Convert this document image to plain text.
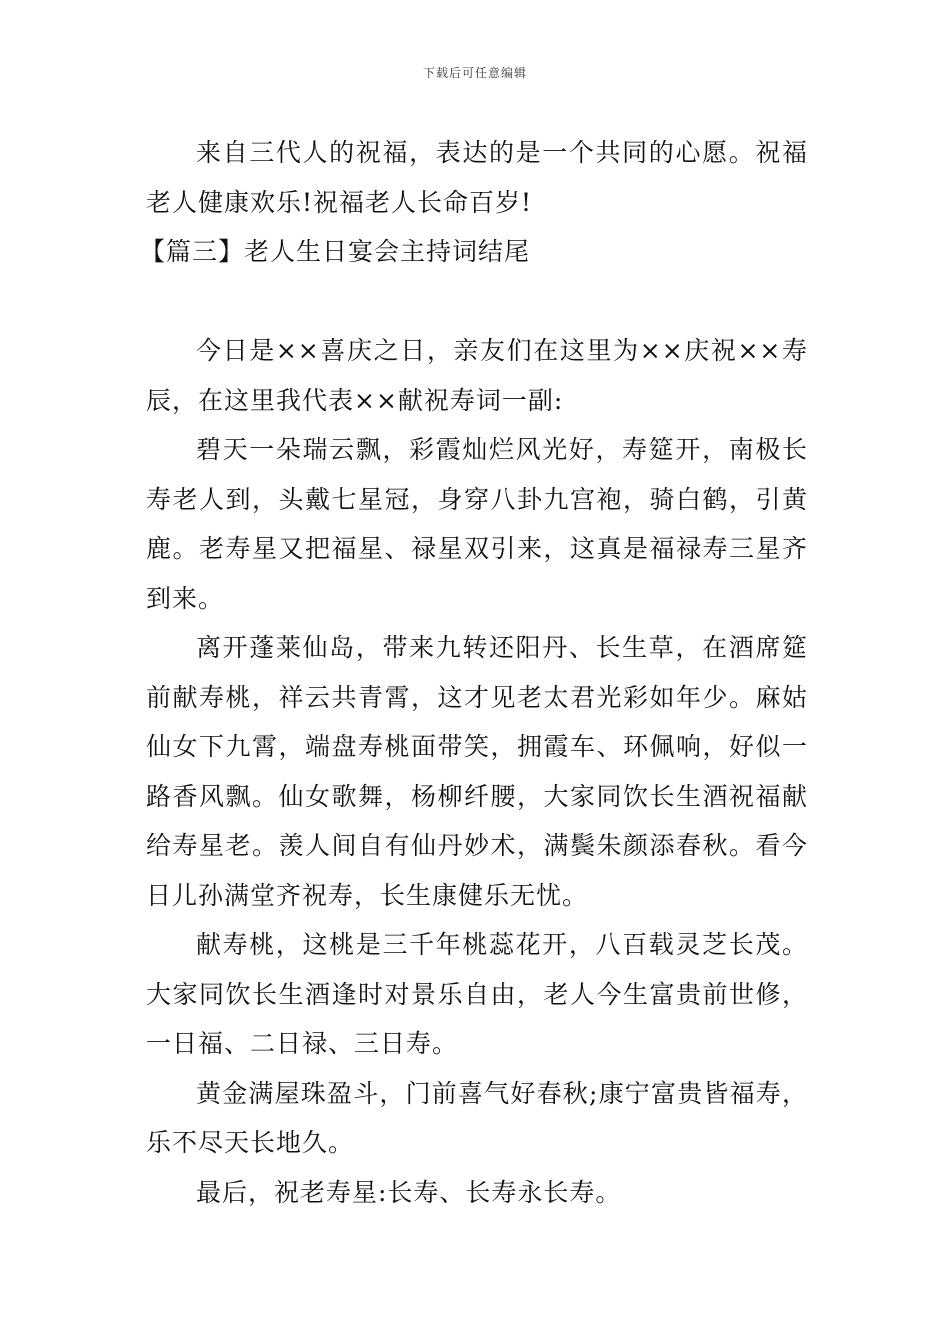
下载后可任意编辑

来自三代人的祝福，表达的是一个共同的心愿。祝福老人健康欢乐!祝福老人长命百岁!

【篇三】老人生日宴会主持词结尾

今日是××喜庆之日，亲友们在这里为××庆祝××寿辰，在这里我代表××献祝寿词一副:

碧天一朵瑞云飘，彩霞灿烂风光好，寿筵开，南极长寿老人到，头戴七星冠，身穿八卦九宫袍，骑白鹤，引黄鹿。老寿星又把福星、禄星双引来，这真是福禄寿三星齐到来。

离开蓬莱仙岛，带来九转还阳丹、长生草，在酒席筵前献寿桃，祥云共青霄，这才见老太君光彩如年少。麻姑仙女下九霄，端盘寿桃面带笑，拥霞车、环佩响，好似一路香风飘。仙女歌舞，杨柳纤腰，大家同饮长生酒祝福献给寿星老。羡人间自有仙丹妙术，满鬓朱颜添春秋。看今日儿孙满堂齐祝寿，长生康健乐无忧。

献寿桃，这桃是三千年桃蕊花开，八百载灵芝长茂。大家同饮长生酒逢时对景乐自由，老人今生富贵前世修，一日福、二日禄、三日寿。

黄金满屋珠盈斗，门前喜气好春秋;康宁富贵皆福寿，乐不尽天长地久。

最后，祝老寿星:长寿、长寿永长寿。
